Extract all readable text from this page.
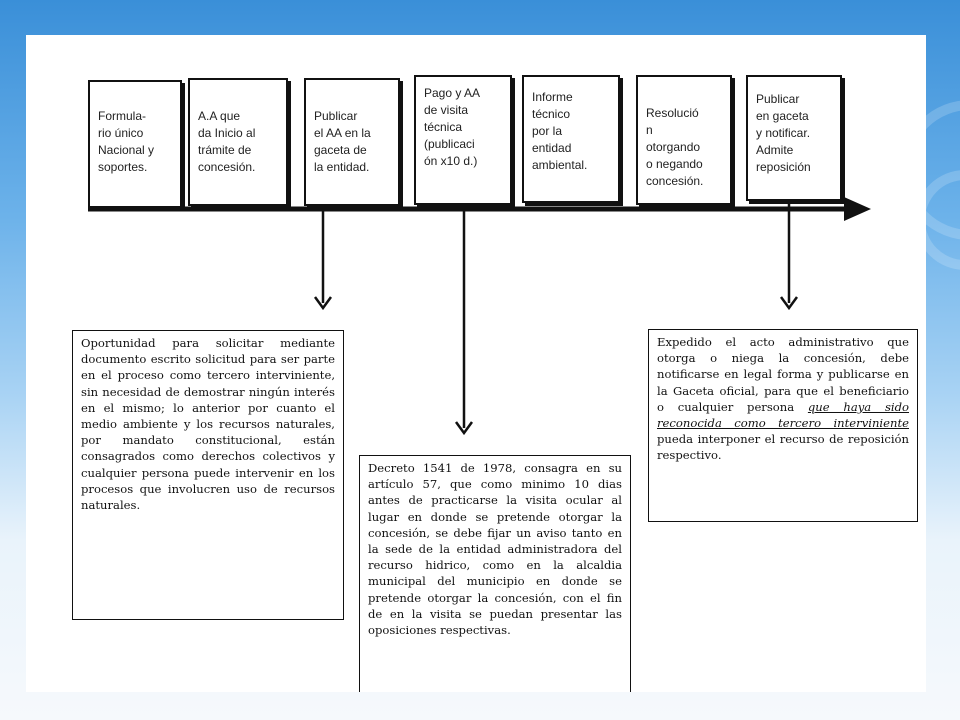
Formula-
rio único
Nacional y
soportes.
A.A que
da Inicio al
trámite de
concesión.
Publicar
el AA en la
gaceta de
la entidad.
Pago y AA
de visita
técnica
(publicaci
ón x10 d.)
Informe
técnico
por la
entidad
ambiental.
Resolució
n
otorgando
o negando
concesión.
Publicar
en gaceta
y notificar.
Admite
reposición
Oportunidad para solicitar mediante documento escrito solicitud para ser parte en el proceso como tercero interviniente, sin necesidad de demostrar ningún interés en el mismo; lo anterior por cuanto el medio ambiente y los recursos naturales, por mandato constitucional, están consagrados como derechos colectivos y cualquier persona puede intervenir en los procesos que involucren uso de recursos naturales.
Decreto 1541 de 1978, consagra en su artículo 57, que como minimo 10 dias antes de practicarse la visita ocular al lugar en donde se pretende otorgar la concesión, se debe fijar un aviso tanto en la sede de la entidad administradora del recurso hidrico, como en la alcaldia municipal del municipio en donde se pretende otorgar la concesión, con el fin de en la visita se puedan presentar las oposiciones respectivas.
Expedido el acto administrativo que otorga o niega la concesión, debe notificarse en legal forma y publicarse en la Gaceta oficial, para que el beneficiario o cualquier persona que haya sido reconocida como tercero interviniente pueda interponer el recurso de reposición respectivo.
